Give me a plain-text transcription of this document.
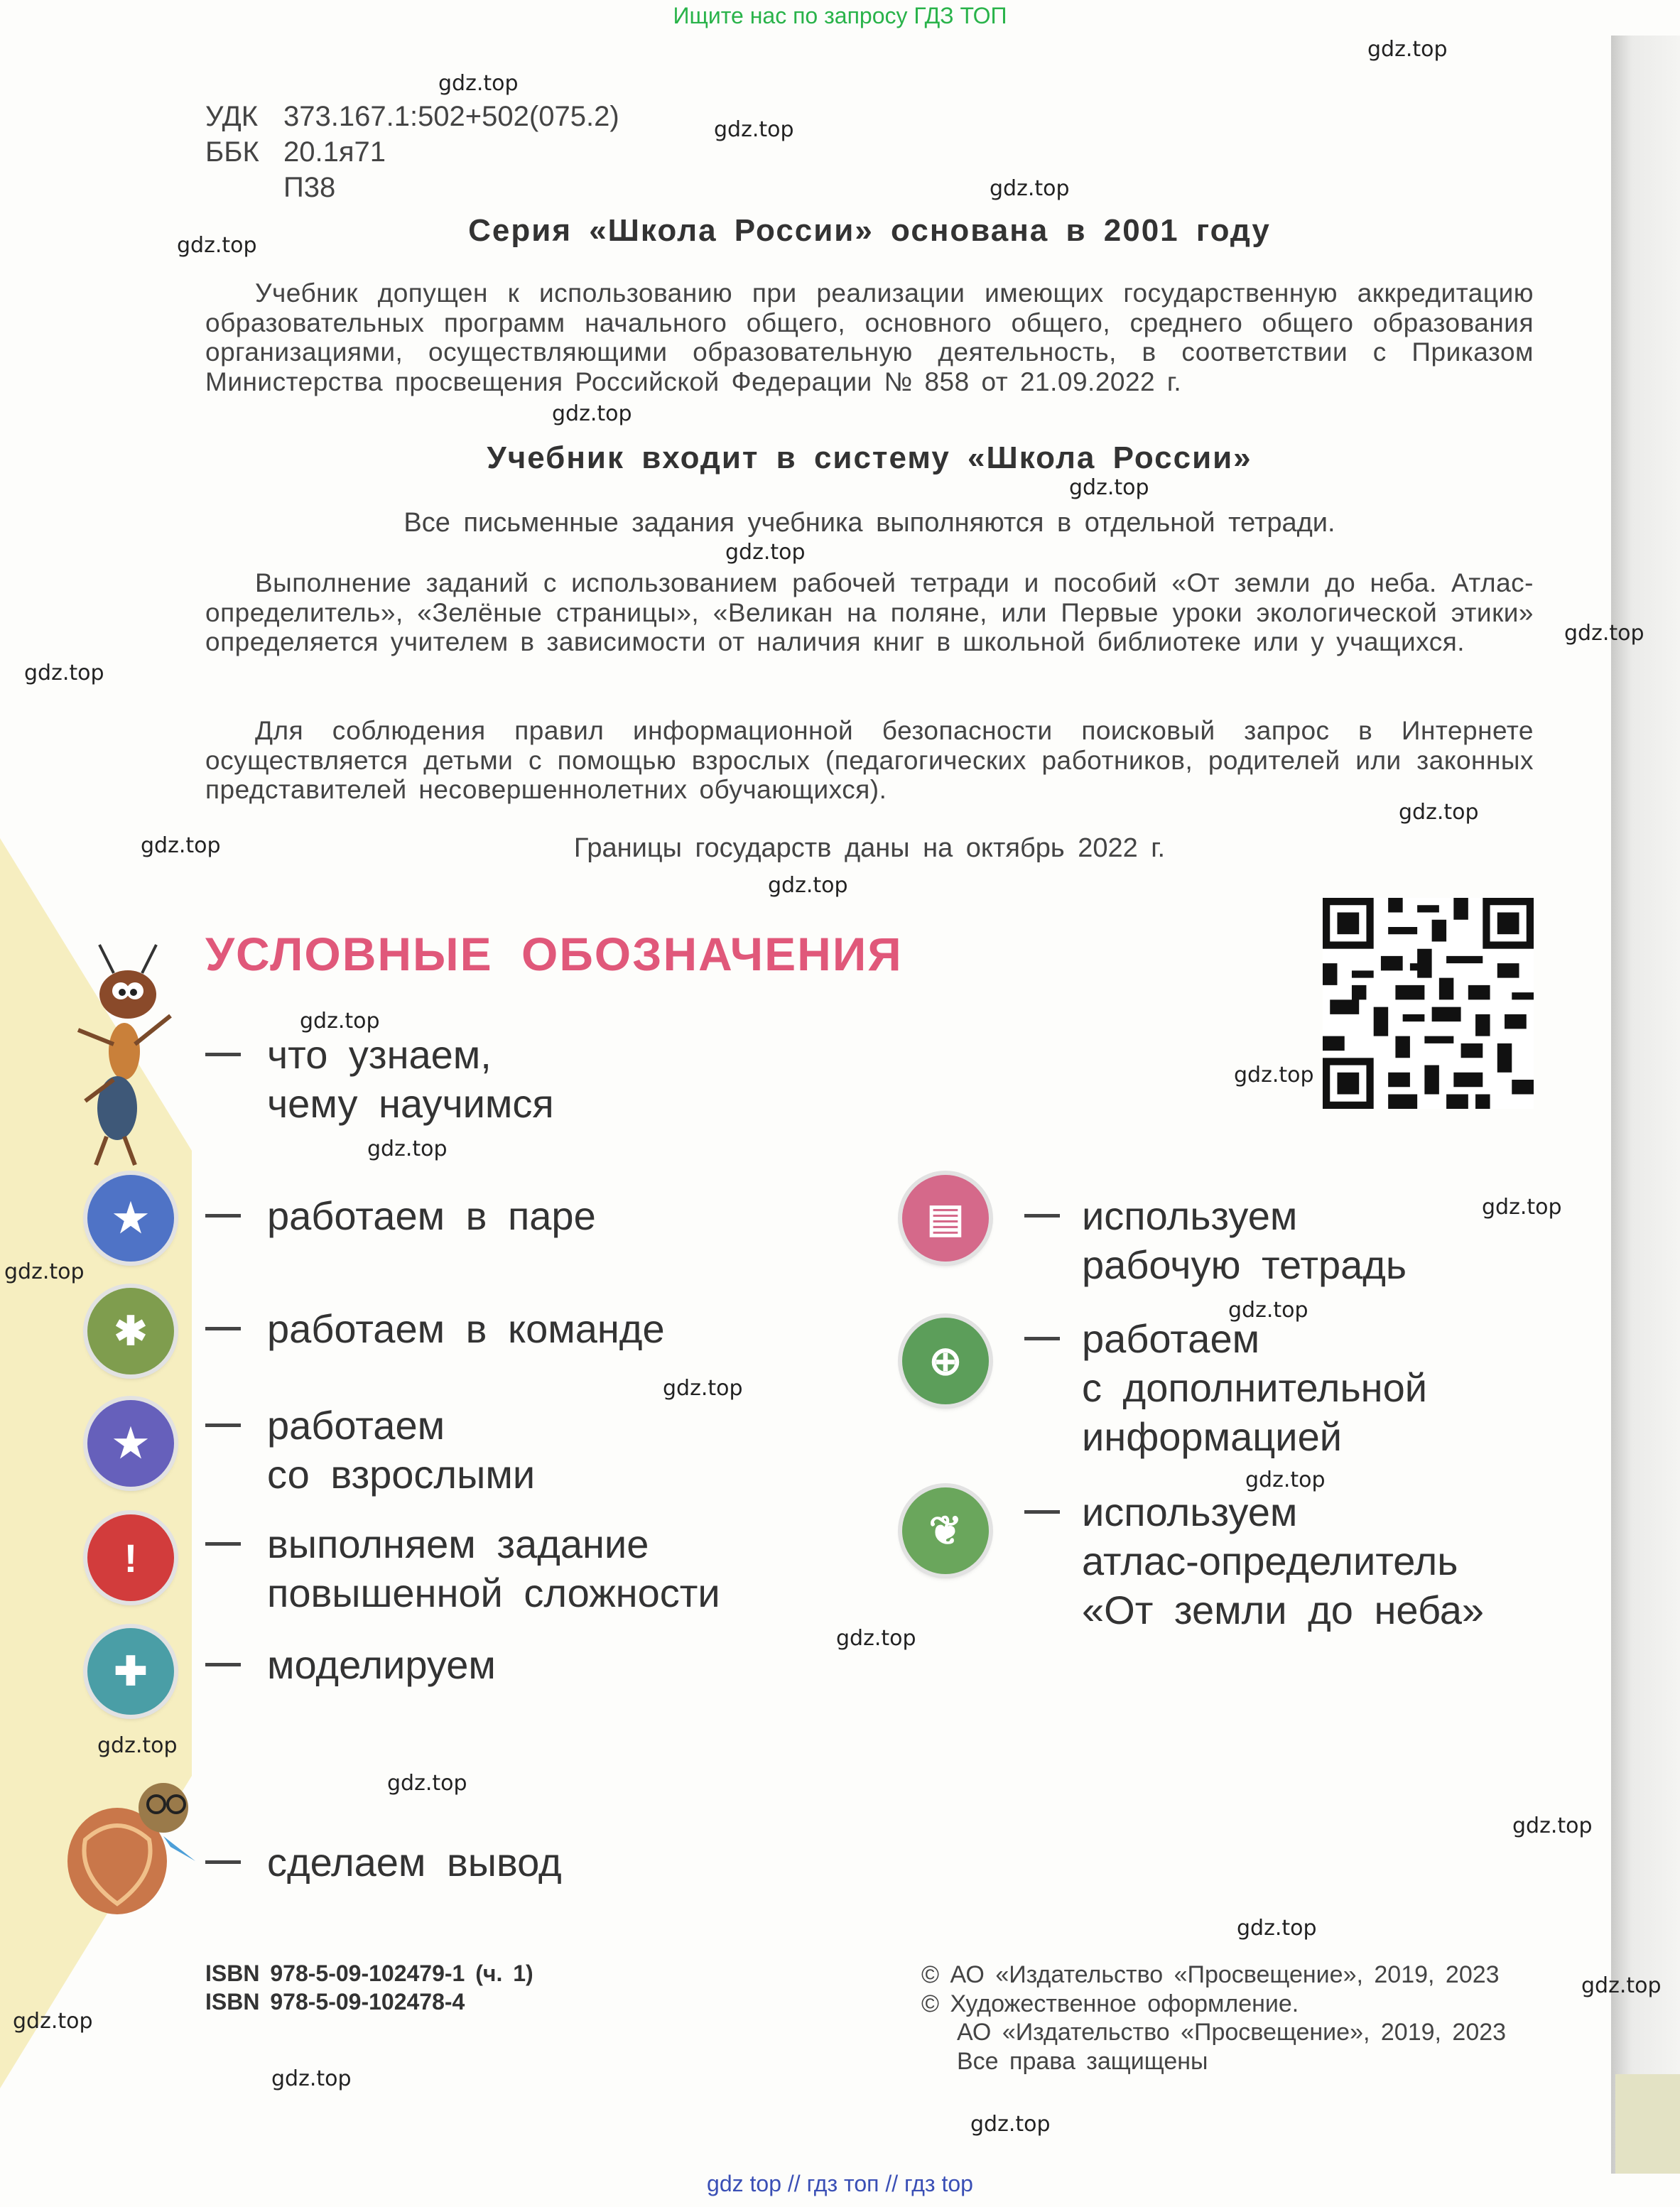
Ищите нас по запросу ГДЗ ТОП
УДК 373.167.1:502+502(075.2)
ББК 20.1я71
П38
Серия «Школа России» основана в 2001 году

Учебник допущен к использованию при реализации имеющих государственную аккредитацию образовательных программ начального общего, основного общего, среднего общего образования организациями, осуществляющими образовательную деятельность, в соответствии с Приказом Министерства просвещения Российской Федерации № 858 от 21.09.2022 г.

Учебник входит в систему «Школа России»
Все письменные задания учебника выполняются в отдельной тетради.

Выполнение заданий с использованием рабочей тетради и пособий «От земли до неба. Атлас-определитель», «Зелёные страницы», «Великан на поляне, или Первые уроки экологической этики» определяется учителем в зависимости от наличия книг в школьной библиотеке или у учащихся.

Для соблюдения правил информационной безопасности поисковый запрос в Интернете осуществляется детьми с помощью взрослых (педагогических работников, родителей или законных представителей несовершеннолетних обучающихся).

Границы государств даны на октябрь 2022 г.
УСЛОВНЫЕ ОБОЗНАЧЕНИЯ
что узнаем,
чему научимся
★	работаем в паре
✱	работаем в команде
★	работаем
со взрослыми
!	выполняем задание
повышенной сложности
✚	моделируем
сделаем вывод
▤	используем
рабочую тетрадь
⊕	работаем
с дополнительной
информацией
❦	используем
атлас-определитель
«От земли до неба»
ISBN 978-5-09-102479-1 (ч. 1)
ISBN 978-5-09-102478-4
© АО «Издательство «Просвещение», 2019, 2023
© Художественное оформление.
АО «Издательство «Просвещение», 2019, 2023
Все права защищены
gdz top // гдз топ // гдз top
gdz.top
gdz.top
gdz.top
gdz.top
gdz.top
gdz.top
gdz.top
gdz.top
gdz.top
gdz.top
gdz.top
gdz.top
gdz.top
gdz.top
gdz.top
gdz.top
gdz.top
gdz.top
gdz.top
gdz.top
gdz.top
gdz.top
gdz.top
gdz.top
gdz.top
gdz.top
gdz.top
gdz.top
gdz.top
gdz.top
